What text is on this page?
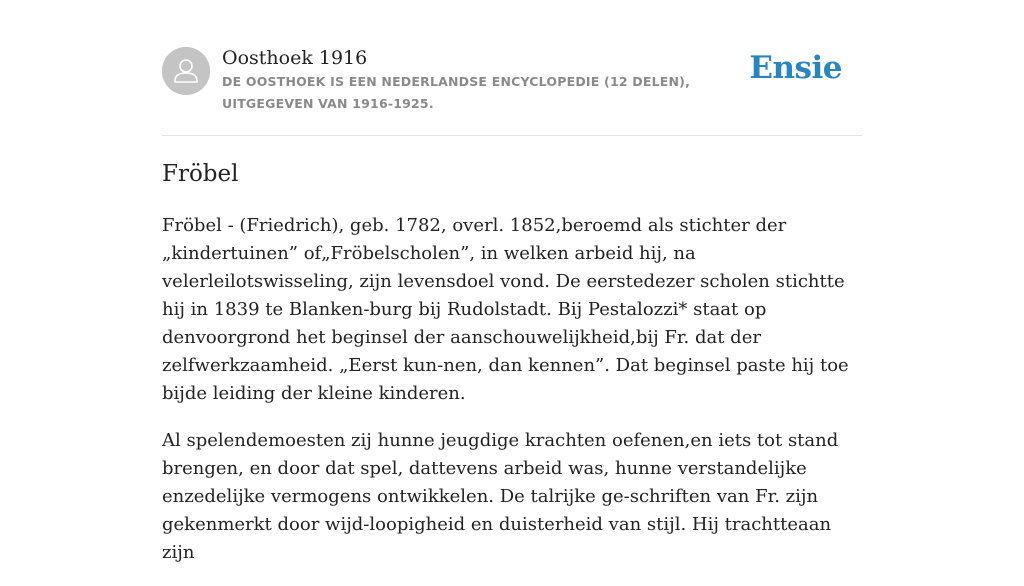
Oosthoek 1916
DE OOSTHOEK IS EEN NEDERLANDSE ENCYCLOPEDIE (12 DELEN), UITGEGEVEN VAN 1916-1925.
Ensie
Fröbel

Fröbel - (Friedrich), geb. 1782, overl. 1852,beroemd als stichter der „kindertuinen” of„Fröbelscholen”, in welken arbeid hij, na velerleilotswisseling, zijn levensdoel vond. De eerstedezer scholen stichtte hij in 1839 te Blanken-burg bij Rudolstadt. Bij Pestalozzi* staat op denvoorgrond het beginsel der aanschouwelijkheid,bij Fr. dat der zelfwerkzaamheid. „Eerst kun-nen, dan kennen”. Dat beginsel paste hij toe bijde leiding der kleine kinderen.

Al spelendemoesten zij hunne jeugdige krachten oefenen,en iets tot stand brengen, en door dat spel, dattevens arbeid was, hunne verstandelijke enzedelijke vermogens ontwikkelen. De talrijke ge-schriften van Fr. zijn gekenmerkt door wijd-loopigheid en duisterheid van stijl. Hij trachtteaan zijn
